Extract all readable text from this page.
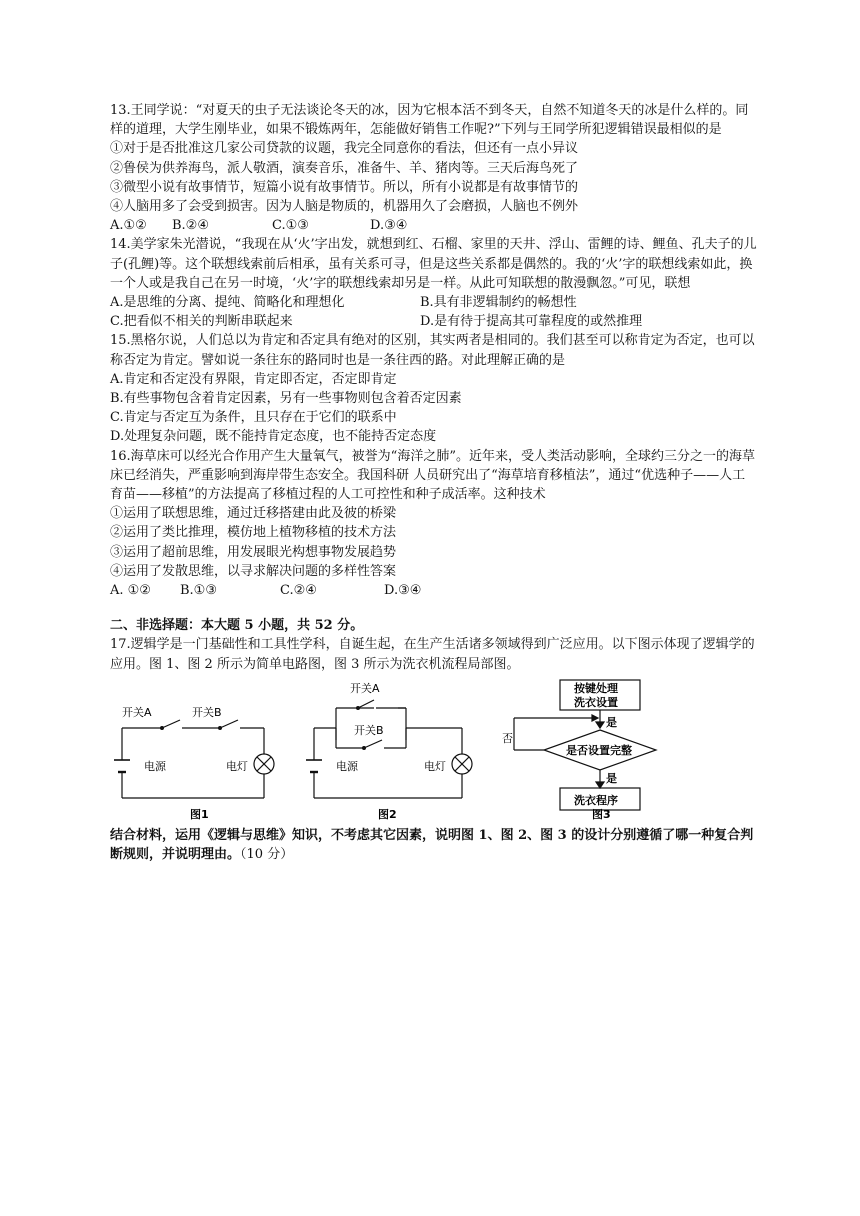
13.王同学说：“对夏天的虫子无法谈论冬天的冰，因为它根本活不到冬天，自然不知道冬天的冰是什么样的。同样的道理，大学生刚毕业，如果不锻炼两年，怎能做好销售工作呢?”下列与王同学所犯逻辑错误最相似的是

①对于是否批准这几家公司贷款的议题，我完全同意你的看法，但还有一点小异议

②鲁侯为供养海鸟，派人敬酒，演奏音乐，准备牛、羊、猪肉等。三天后海鸟死了

③微型小说有故事情节，短篇小说有故事情节。所以，所有小说都是有故事情节的

④人脑用多了会受到损害。因为人脑是物质的，机器用久了会磨损，人脑也不例外

A.①②	B.②④	C.①③	D.③④

14.美学家朱光潜说，“我现在从‘火’字出发，就想到红、石榴、家里的天井、浮山、雷鲤的诗、鲤鱼、孔夫子的儿子(孔鲤)等。这个联想线索前后相承，虽有关系可寻，但是这些关系都是偶然的。我的‘火’字的联想线索如此，换一个人或是我自己在另一时境，‘火’字的联想线索却另是一样。从此可知联想的散漫飘忽。”可见，联想

A.是思维的分离、提纯、简略化和理想化	B.具有非逻辑制约的畅想性
C.把看似不相关的判断串联起来	D.是有待于提高其可靠程度的或然推理

15.黑格尔说，人们总以为肯定和否定具有绝对的区别，其实两者是相同的。我们甚至可以称肯定为否定，也可以称否定为肯定。譬如说一条往东的路同时也是一条往西的路。对此理解正确的是

A.肯定和否定没有界限，肯定即否定，否定即肯定

B.有些事物包含着肯定因素，另有一些事物则包含着否定因素

C.肯定与否定互为条件，且只存在于它们的联系中

D.处理复杂问题，既不能持肯定态度，也不能持否定态度

16.海草床可以经光合作用产生大量氧气，被誉为“海洋之肺”。近年来，受人类活动影响，全球约三分之一的海草床已经消失，严重影响到海岸带生态安全。我国科研 人员研究出了“海草培育移植法”，通过“优选种子——人工育苗——移植”的方法提高了移植过程的人工可控性和种子成活率。这种技术

①运用了联想思维，通过迁移搭建由此及彼的桥梁

②运用了类比推理，模仿地上植物移植的技术方法

③运用了超前思维，用发展眼光构想事物发展趋势

④运用了发散思维，以寻求解决问题的多样性答案

A. ①②	B.①③	C.②④	D.③④

二、非选择题：本大题 5 小题，共 52 分。

17.逻辑学是一门基础性和工具性学科，自诞生起，在生产生活诸多领域得到广泛应用。以下图示体现了逻辑学的应用。图 1、图 2 所示为简单电路图，图 3 所示为洗衣机流程局部图。

开关A	开关B
电源	电灯
图1
开关A
开关B
电源	电灯
图2
按键处理
洗衣设置
是
否
是否设置完整
是
洗衣程序
图3

结合材料，运用《逻辑与思维》知识，不考虑其它因素，说明图 1、图 2、图 3 的设计分别遵循了哪一种复合判断规则，并说明理由。（10 分）
